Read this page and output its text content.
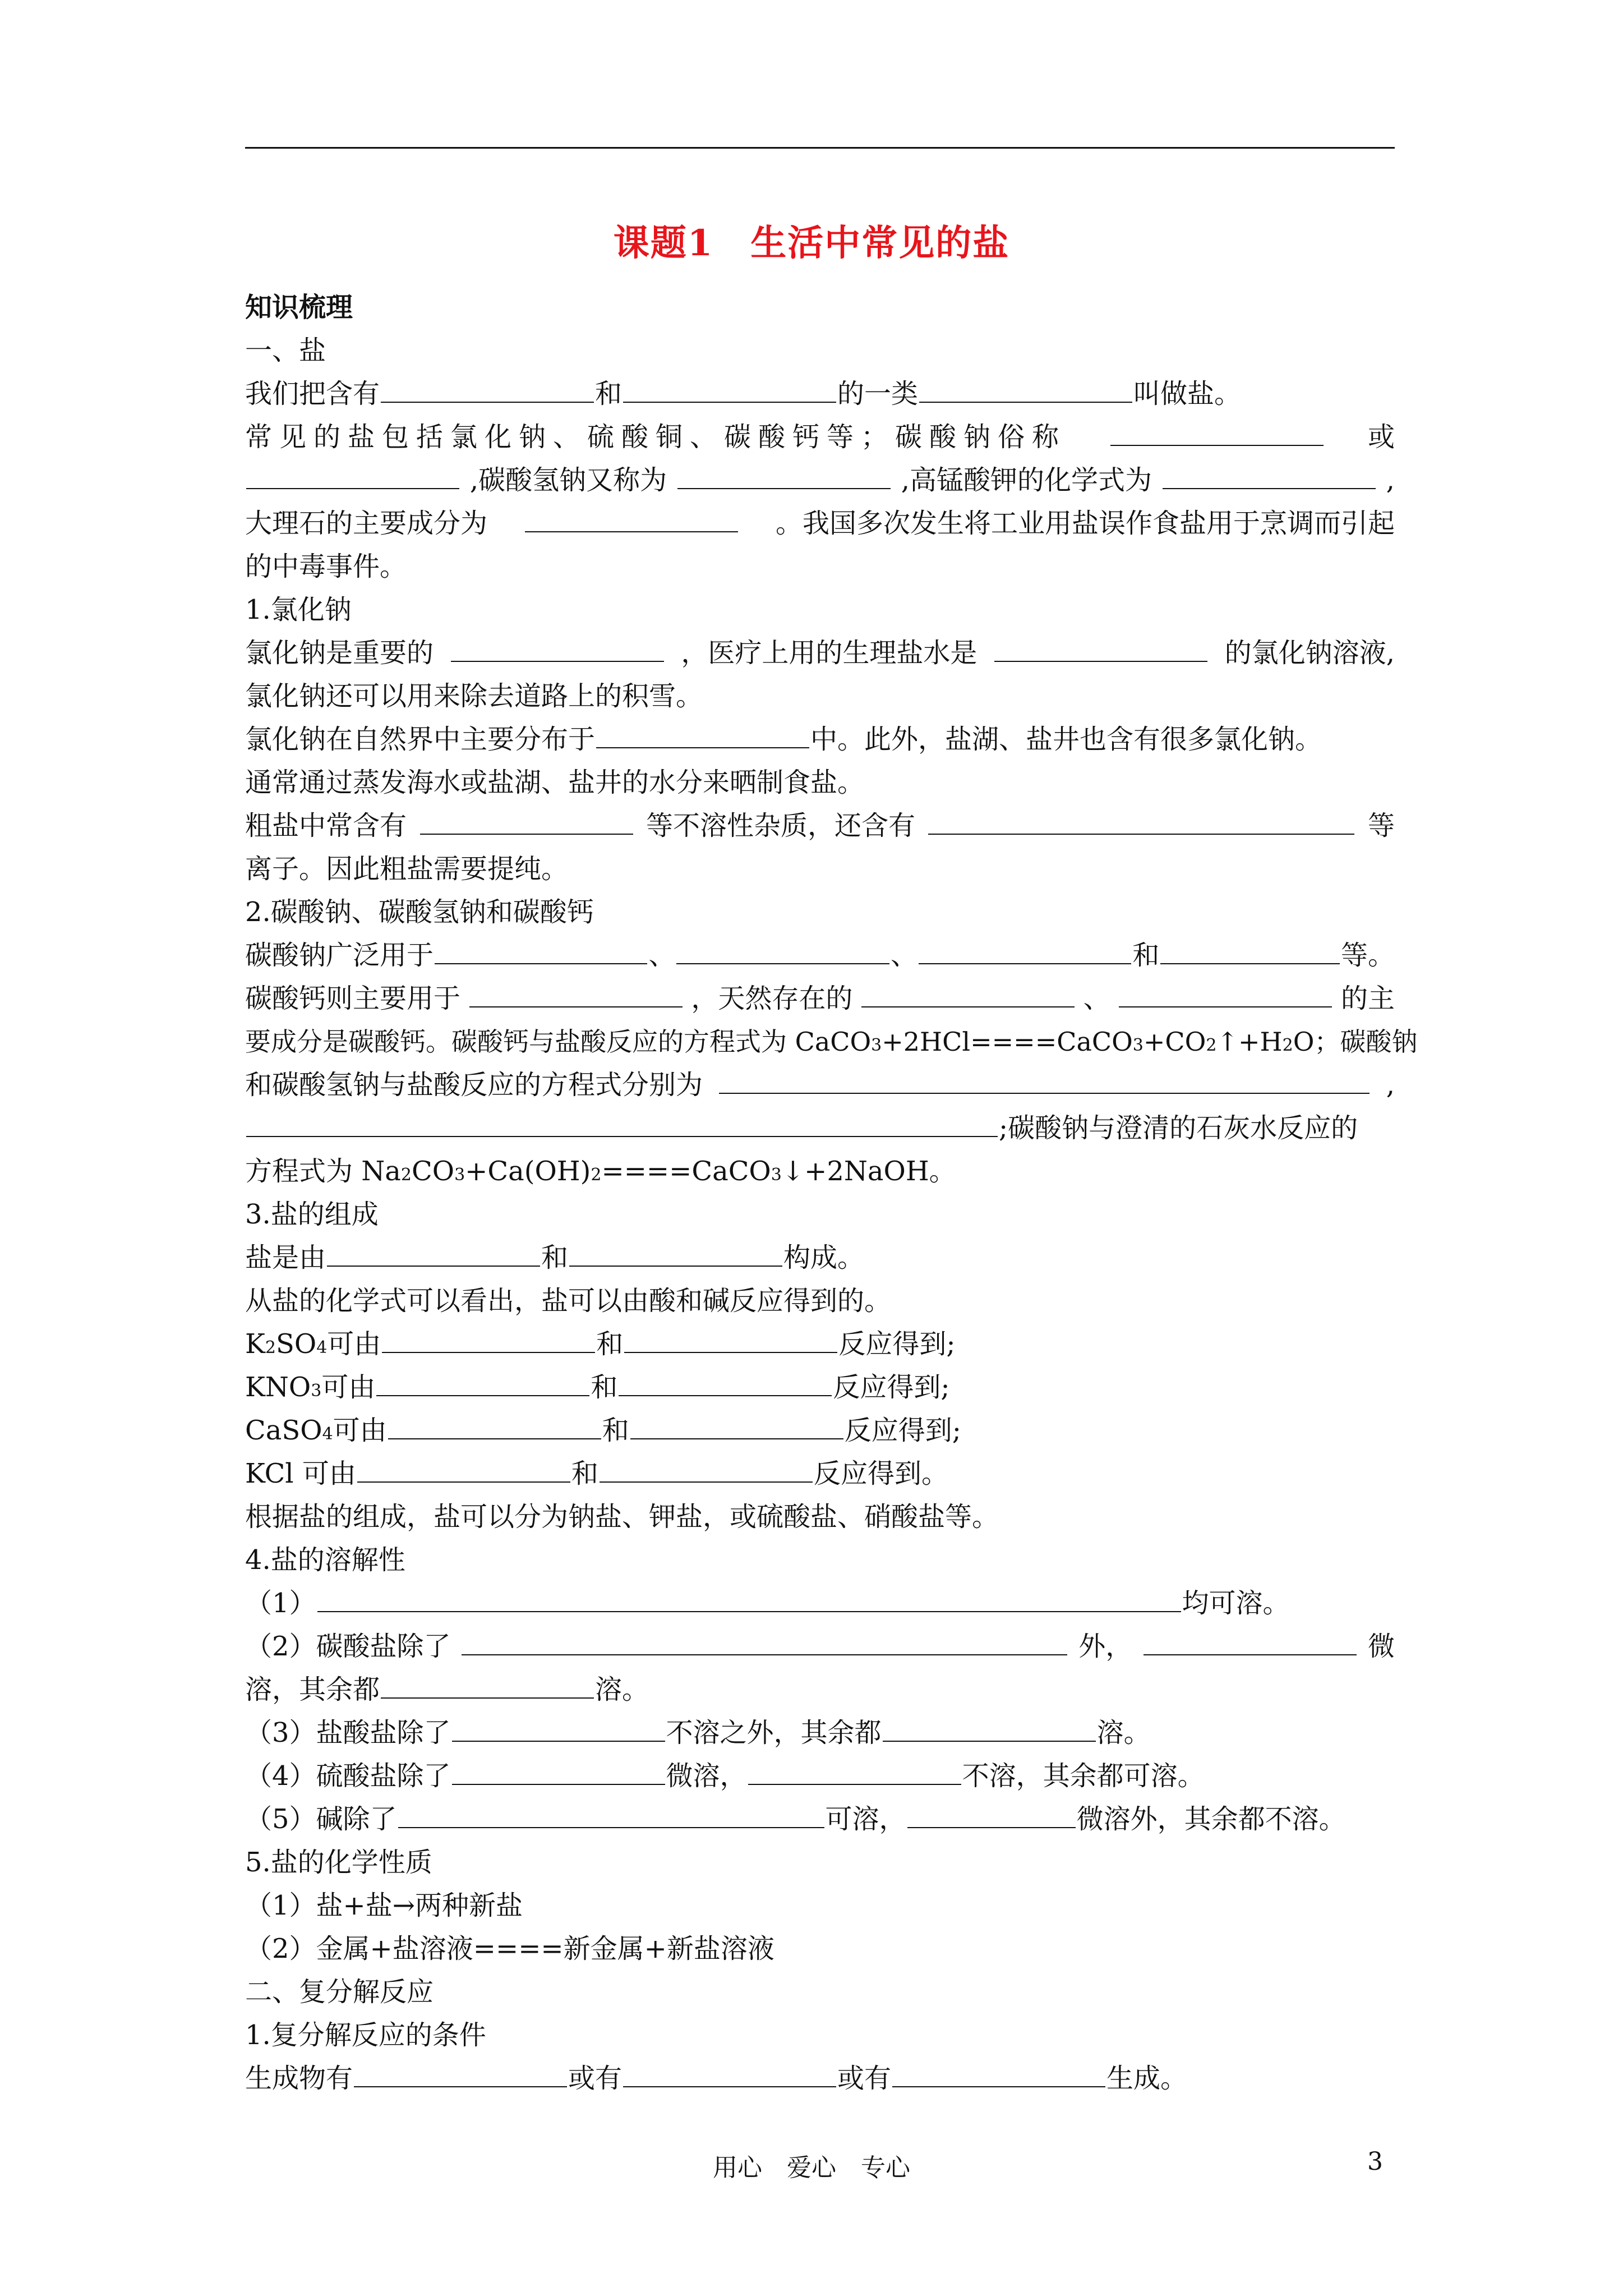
课题1　生活中常见的盐
知识梳理
一、盐
我们把含有	和	的一类	叫做盐。
常见的盐包括氯化钠、硫酸铜、碳酸钙等；碳酸钠俗称	或
,碳酸氢钠又称为	,高锰酸钾的化学式为	,
大理石的主要成分为	。我国多次发生将工业用盐误作食盐用于烹调而引起
的中毒事件。
1.氯化钠
氯化钠是重要的	，医疗上用的生理盐水是	的氯化钠溶液,
氯化钠还可以用来除去道路上的积雪。
氯化钠在自然界中主要分布于	中。此外，盐湖、盐井也含有很多氯化钠。
通常通过蒸发海水或盐湖、盐井的水分来晒制食盐。
粗盐中常含有	等不溶性杂质，还含有	等
离子。因此粗盐需要提纯。
2.碳酸钠、碳酸氢钠和碳酸钙
碳酸钠广泛用于	、	、	和	等。
碳酸钙则主要用于	，天然存在的	、	的主
要成分是碳酸钙。碳酸钙与盐酸反应的方程式为 CaCO 3 +2HCl====CaCO 3 +CO 2 ↑+H 2 O；碳酸钠
和碳酸氢钠与盐酸反应的方程式分别为	,
;碳酸钠与澄清的石灰水反应的
方程式为 Na 2 CO 3 +Ca(OH) 2 ====CaCO 3 ↓+2NaOH。
3.盐的组成
盐是由	和	构成。
从盐的化学式可以看出，盐可以由酸和碱反应得到的。
K 2 SO 4 可由	和	反应得到;
KNO 3 可由	和	反应得到;
CaSO 4 可由	和	反应得到;
KCl 可由	和	反应得到。
根据盐的组成，盐可以分为钠盐、钾盐，或硫酸盐、硝酸盐等。
4.盐的溶解性
（1）	均可溶。
（2）碳酸盐除了	外，	微
溶，其余都	溶。
（3）盐酸盐除了	不溶之外，其余都	溶。
（4）硫酸盐除了	微溶，	不溶，其余都可溶。
（5）碱除了	可溶，	微溶外，其余都不溶。
5.盐的化学性质
（1）盐+盐→两种新盐
（2）金属+盐溶液====新金属+新盐溶液
二、复分解反应
1.复分解反应的条件
生成物有	或有	或有	生成。
用心　爱心　专心	3
